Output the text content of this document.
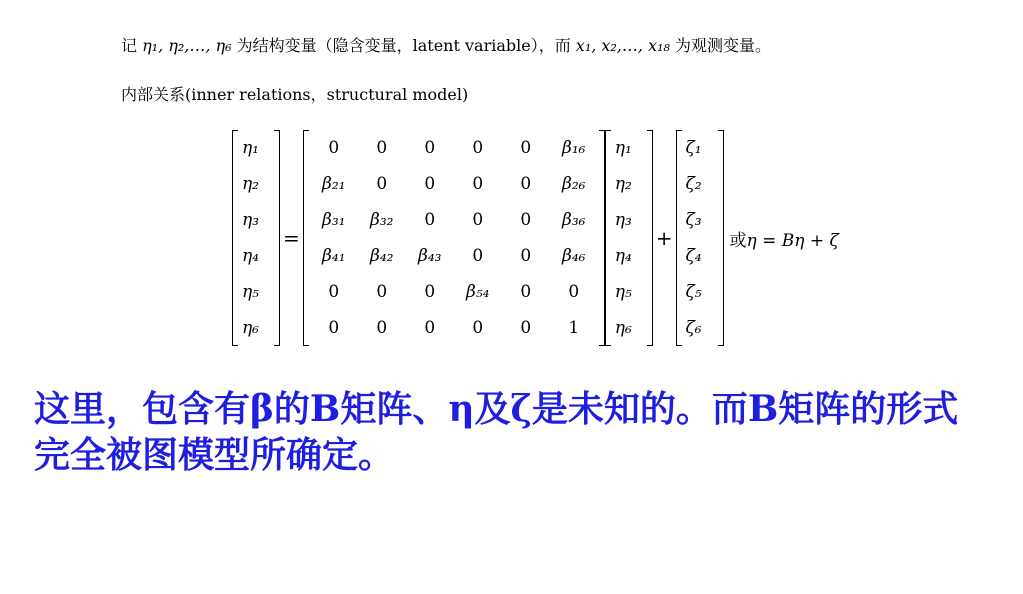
记 η₁, η₂,…, η₆ 为结构变量（隐含变量，latent variable），而 x₁, x₂,…, x₁₈ 为观测变量。
内部关系(inner relations，structural model)
η₁
η₂
η₃
η₄
η₅
η₆
=
0	0	0	0	0	β₁₆
β₂₁	0	0	0	0	β₂₆
β₃₁	β₃₂	0	0	0	β₃₆
β₄₁	β₄₂	β₄₃	0	0	β₄₆
0	0	0	β₅₄	0	0
0	0	0	0	0	1
η₁
η₂
η₃
η₄
η₅
η₆
+
ζ₁
ζ₂
ζ₃
ζ₄
ζ₅
ζ₆
或η = Bη + ζ
这里，包含有β的B矩阵、η及ζ是未知的。而B矩阵的形式完全被图模型所确定。
